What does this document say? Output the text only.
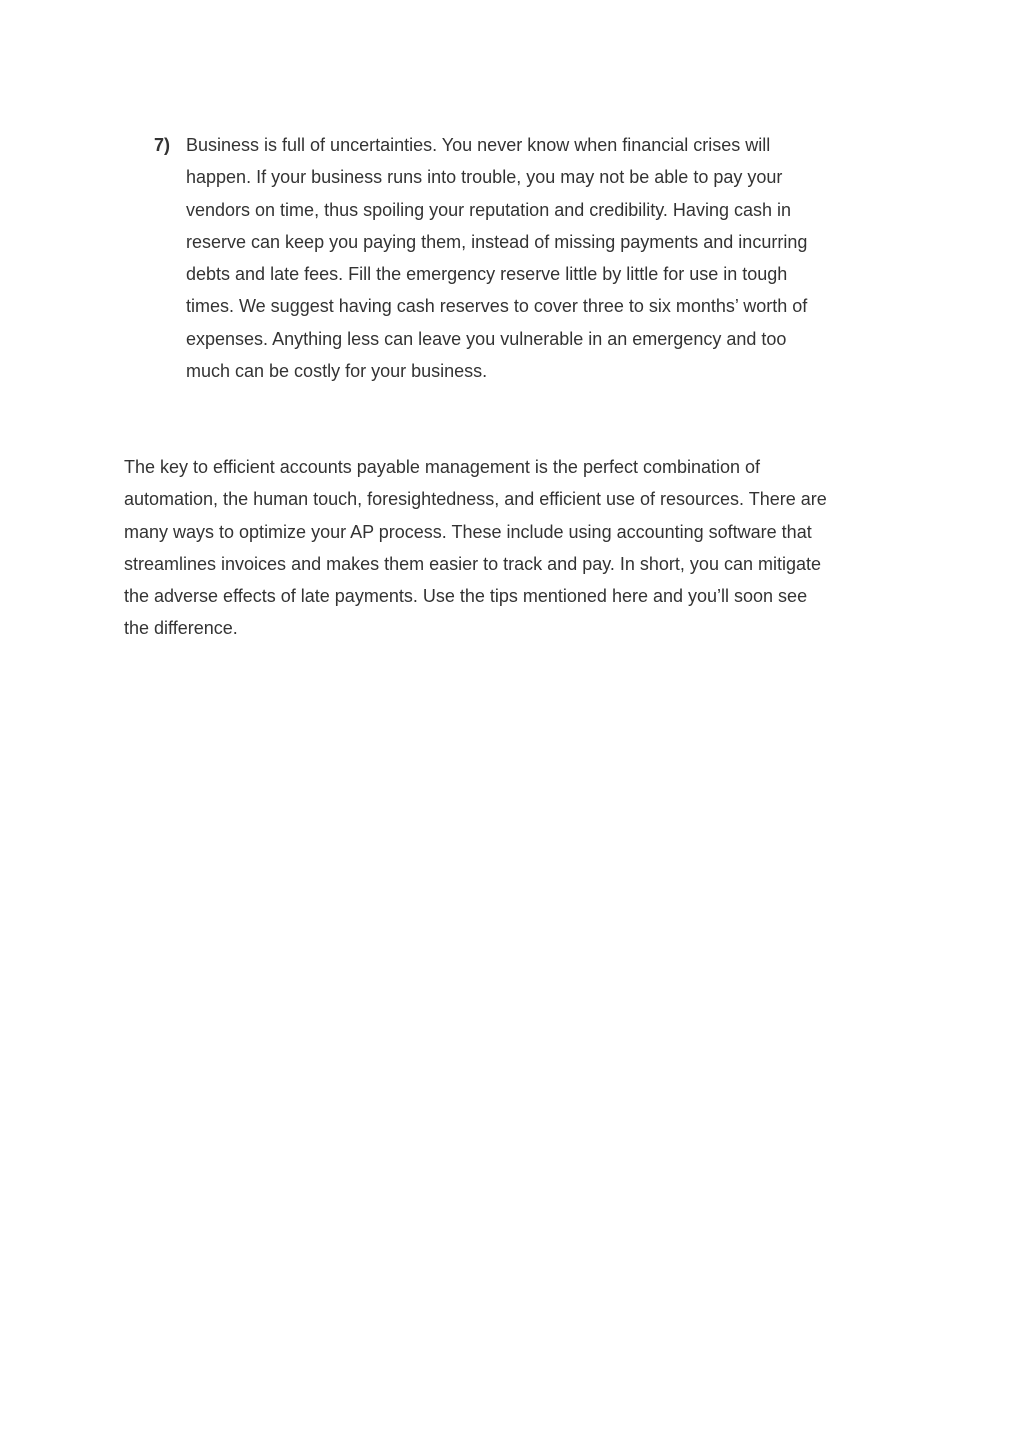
7) Business is full of uncertainties. You never know when financial crises will
happen. If your business runs into trouble, you may not be able to pay your
vendors on time, thus spoiling your reputation and credibility. Having cash in
reserve can keep you paying them, instead of missing payments and incurring
debts and late fees. Fill the emergency reserve little by little for use in tough
times. We suggest having cash reserves to cover three to six months’ worth of
expenses. Anything less can leave you vulnerable in an emergency and too
much can be costly for your business.

The key to efficient accounts payable management is the perfect combination of
automation, the human touch, foresightedness, and efficient use of resources. There are
many ways to optimize your AP process. These include using accounting software that
streamlines invoices and makes them easier to track and pay. In short, you can mitigate
the adverse effects of late payments. Use the tips mentioned here and you’ll soon see
the difference.
